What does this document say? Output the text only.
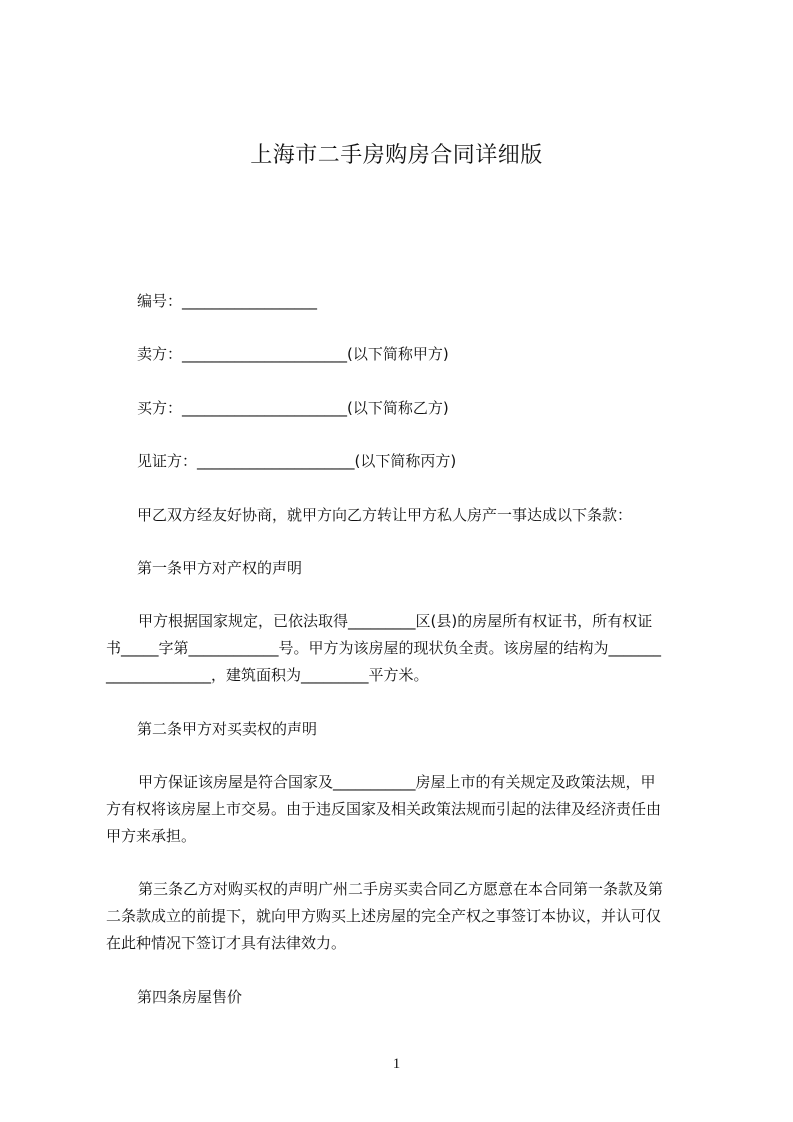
上海市二手房购房合同详细版
编号：__________________
卖方：______________________(以下简称甲方)
买方：______________________(以下简称乙方)
见证方：_____________________(以下简称丙方)
甲乙双方经友好协商，就甲方向乙方转让甲方私人房产一事达成以下条款：
第一条甲方对产权的声明
甲方根据国家规定，已依法取得_________区(县)的房屋所有权证书，所有权证
书_____字第____________号。甲方为该房屋的现状负全责。该房屋的结构为_______
______________，建筑面积为_________平方米。
第二条甲方对买卖权的声明
甲方保证该房屋是符合国家及___________房屋上市的有关规定及政策法规，甲
方有权将该房屋上市交易。由于违反国家及相关政策法规而引起的法律及经济责任由
甲方来承担。
第三条乙方对购买权的声明广州二手房买卖合同乙方愿意在本合同第一条款及第
二条款成立的前提下，就向甲方购买上述房屋的完全产权之事签订本协议，并认可仅
在此种情况下签订才具有法律效力。
第四条房屋售价
1
